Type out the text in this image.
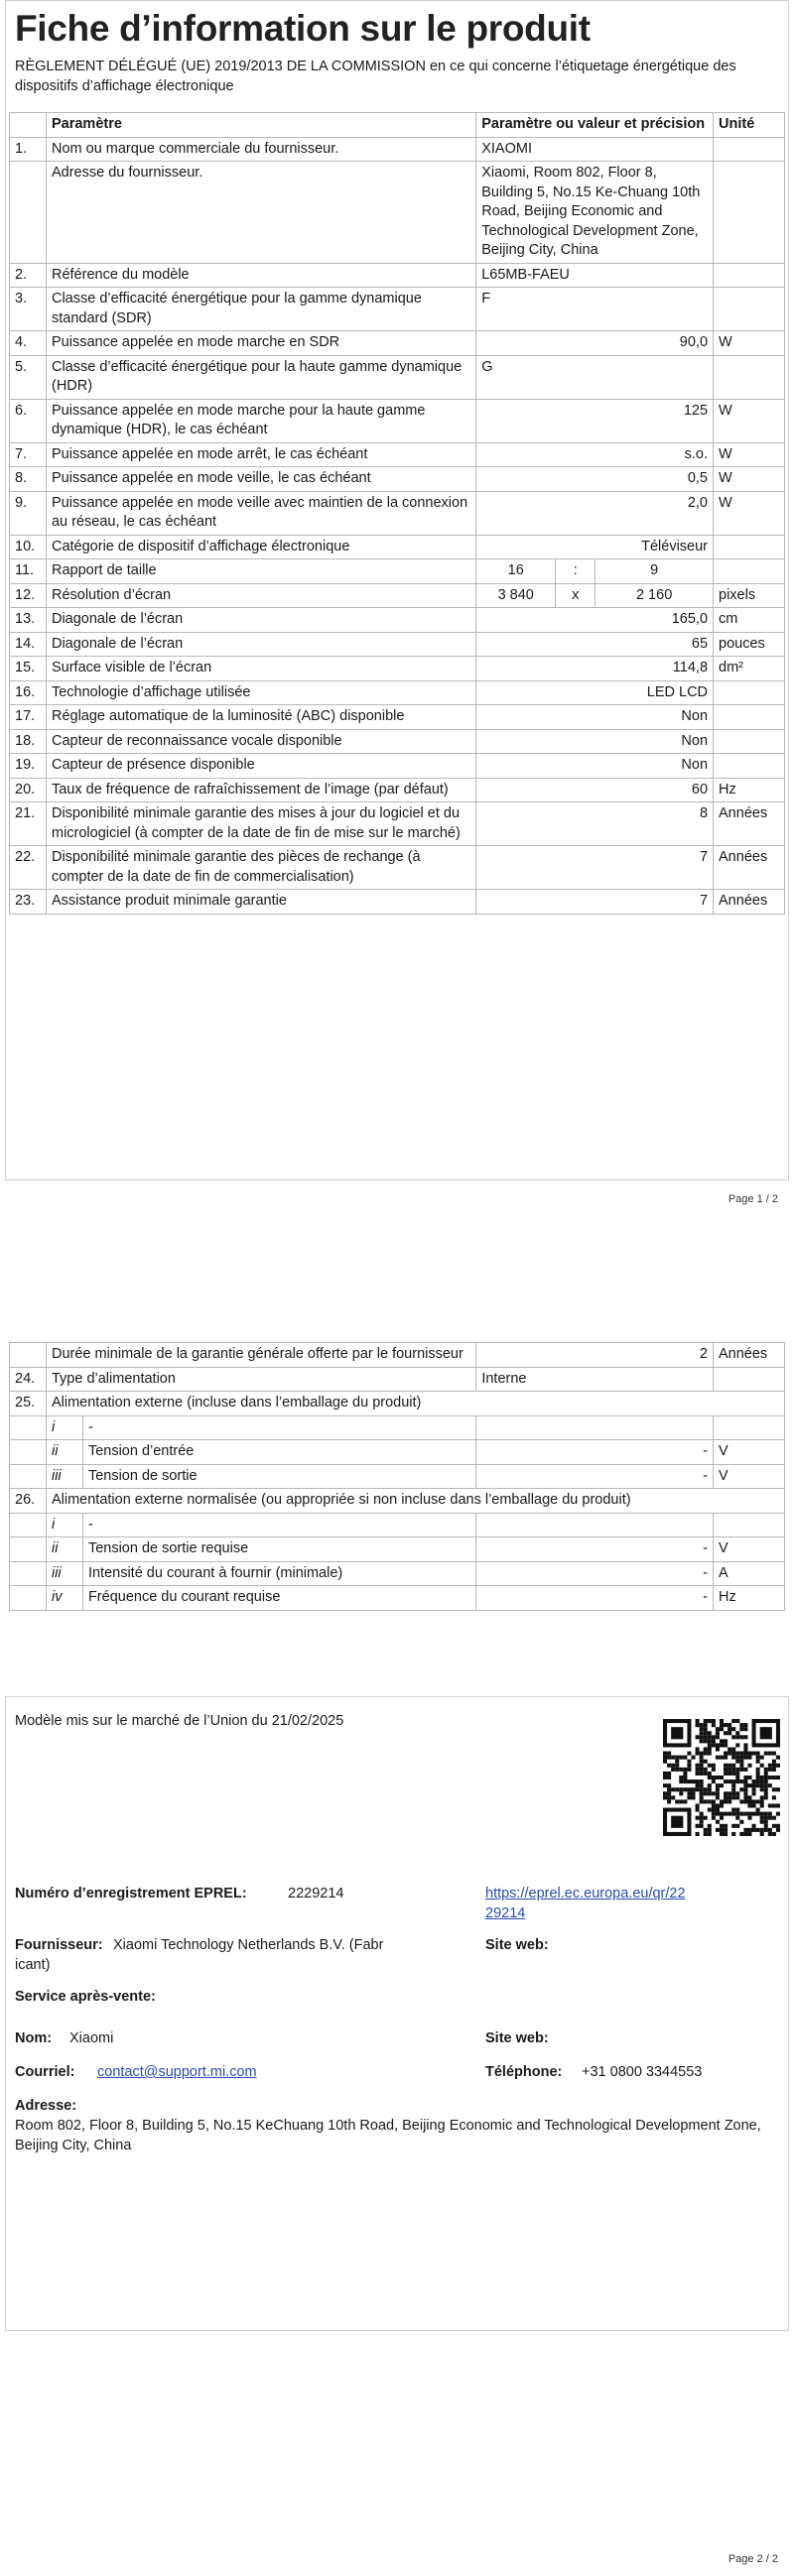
Fiche d’information sur le produit
RÈGLEMENT DÉLÉGUÉ (UE) 2019/2013 DE LA COMMISSION en ce qui concerne l’étiquetage énergétique des dispositifs d’affichage électronique
	Paramètre	Paramètre ou valeur et précision	Unité
1.	Nom ou marque commerciale du fournisseur.	XIAOMI	
	Adresse du fournisseur.	Xiaomi, Room 802, Floor 8, Building 5, No.15 Ke-Chuang 10th Road, Beijing Economic and Technological Development Zone, Beijing City, China	
2.	Référence du modèle	L65MB-FAEU	
3.	Classe d’efficacité énergétique pour la gamme dynamique standard (SDR)	F	
4.	Puissance appelée en mode marche en SDR	90,0	W
5.	Classe d’efficacité énergétique pour la haute gamme dynamique (HDR)	G	
6.	Puissance appelée en mode marche pour la haute gamme dynamique (HDR), le cas échéant	125	W
7.	Puissance appelée en mode arrêt, le cas échéant	s.o.	W
8.	Puissance appelée en mode veille, le cas échéant	0,5	W
9.	Puissance appelée en mode veille avec maintien de la connexion au réseau, le cas échéant	2,0	W
10.	Catégorie de dispositif d’affichage électronique	Téléviseur	
11.	Rapport de taille	16 : 9	

12.	Résolution d’écran	3 840 x 2 160	pixels
13.	Diagonale de l’écran	165,0	cm
14.	Diagonale de l’écran	65	pouces
15.	Surface visible de l’écran	114,8	dm²
16.	Technologie d’affichage utilisée	LED LCD	
17.	Réglage automatique de la luminosité (ABC) disponible	Non	
18.	Capteur de reconnaissance vocale disponible	Non	
19.	Capteur de présence disponible	Non	
20.	Taux de fréquence de rafraîchissement de l’image (par défaut)	60	Hz
21.	Disponibilité minimale garantie des mises à jour du logiciel et du micrologiciel (à compter de la date de fin de mise sur le marché)	8	Années
22.	Disponibilité minimale garantie des pièces de rechange (à compter de la date de fin de commercialisation)	7	Années
23.	Assistance produit minimale garantie	7	Années
Page 1 / 2
	Durée minimale de la garantie générale offerte par le fournisseur		2	Années
24.	Type d’alimentation		Interne	
25.	Alimentation externe (incluse dans l’emballage du produit)			
	i	-		
	ii	Tension d’entrée	-	V
	iii	Tension de sortie	-	V
26.	Alimentation externe normalisée (ou appropriée si non incluse dans l’emballage du produit)			
	i	-		
	ii	Tension de sortie requise	-	V
	iii	Intensité du courant à fournir (minimale)	-	A
	iv	Fréquence du courant requise	-	Hz
Modèle mis sur le marché de l’Union du 21/02/2025
Numéro d’enregistrement EPREL:	2229214	https://eprel.ec.europa.eu/qr/22
29214
Fournisseur: Xiaomi Technology Netherlands B.V. (Fabr
icant)
Site web:
Service après-vente:
Nom: Xiaomi	Site web:
Courriel: contact@support.mi.com	Téléphone: +31 0800 3344553
Adresse:
Room 802, Floor 8, Building 5, No.15 KeChuang 10th Road, Beijing Economic and Technological Development Zone, Beijing City, China
Page 2 / 2
